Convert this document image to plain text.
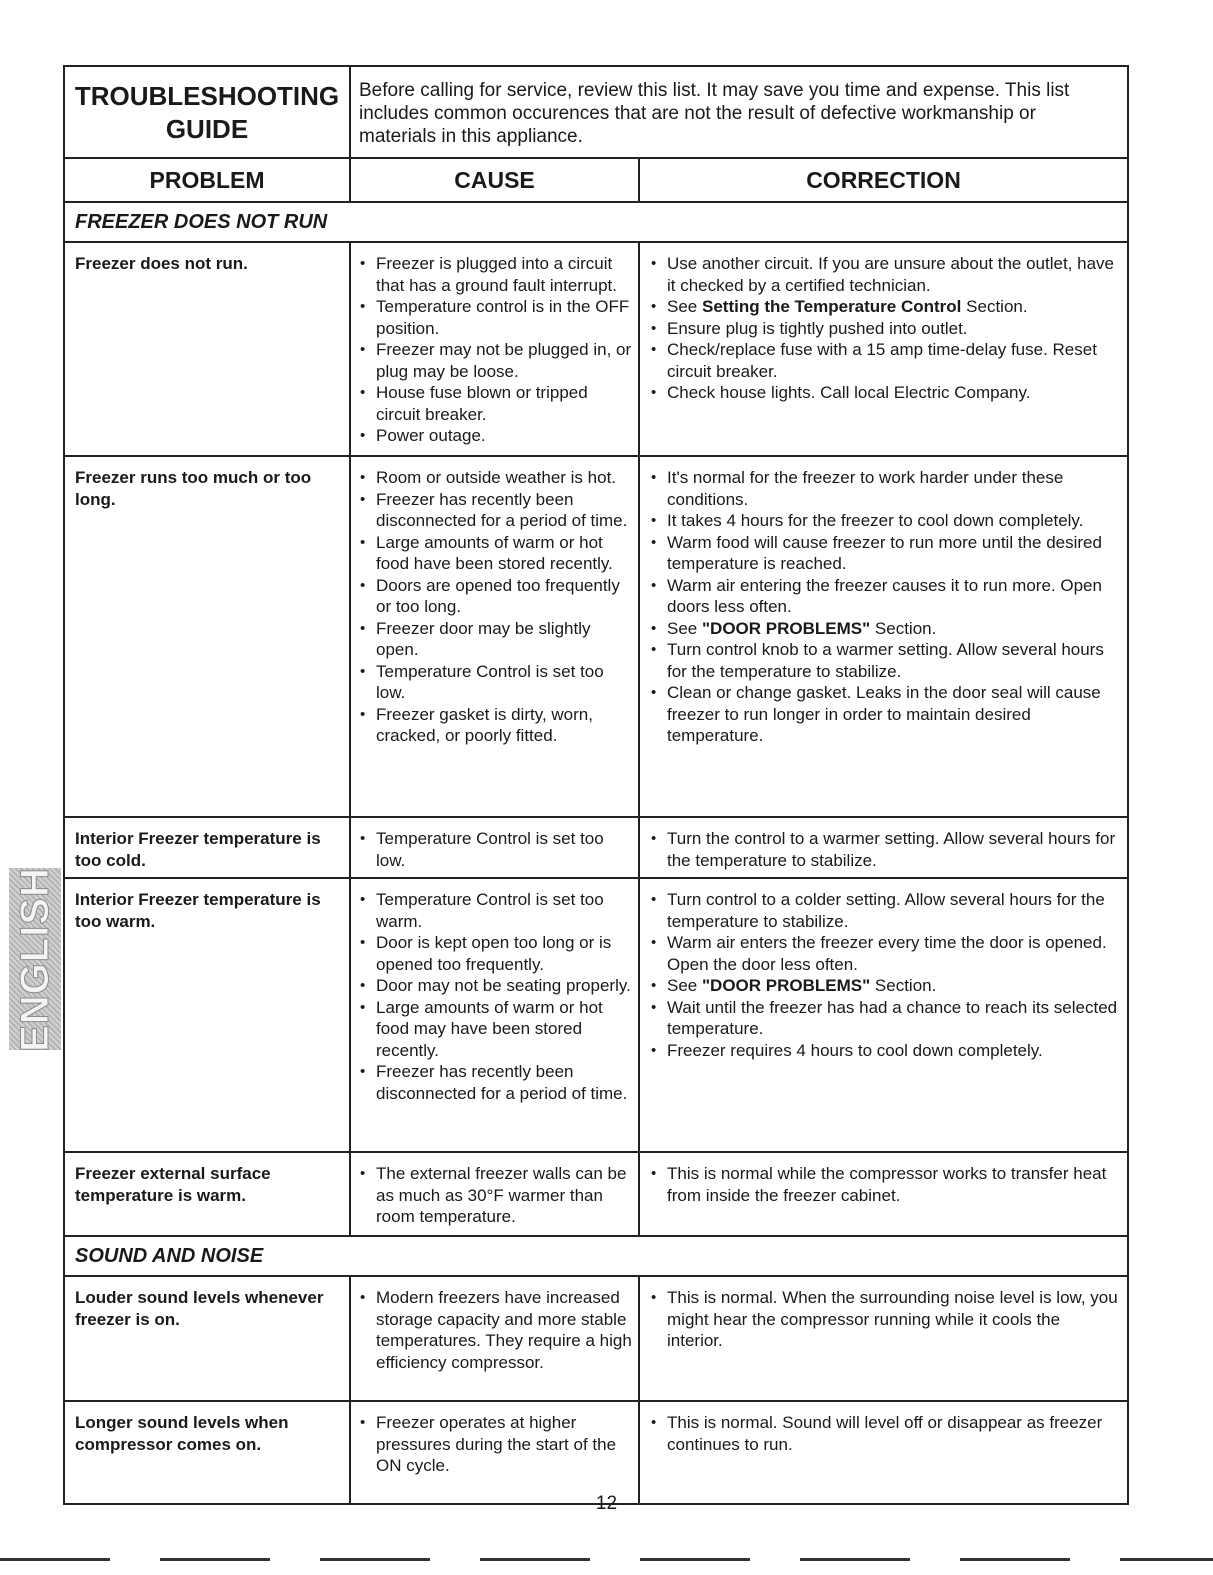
ENGLISH
TROUBLESHOOTING
GUIDE
Before calling for service, review this list. It may save you time and expense. This list includes common occurences that are not the result of defective workmanship or materials in this appliance.
PROBLEM	CAUSE	CORRECTION
FREEZER DOES NOT RUN
Freezer does not run.
•	Freezer is plugged into a circuit that has a ground fault interrupt.
• Temperature control is in the OFF position.
• Freezer may not be plugged in, or plug may be loose.
• House fuse blown or tripped circuit breaker.
• Power outage.
• Use another circuit. If you are unsure about the outlet, have it checked by a certified technician.
• See Setting the Temperature Control Section.
• Ensure plug is tightly pushed into outlet.
• Check/replace fuse with a 15 amp time-delay fuse. Reset circuit breaker.
• Check house lights. Call local Electric Company.
Freezer runs too much or too long.
• Room or outside weather is hot.
• Freezer has recently been disconnected for a period of time.
• Large amounts of warm or hot food have been stored recently.
• Doors are opened too frequently or too long.
• Freezer door may be slightly open.
• Temperature Control is set too low.
• Freezer gasket is dirty, worn, cracked, or poorly fitted.
• It's normal for the freezer to work harder under these conditions.
• It takes 4 hours for the freezer to cool down completely.
• Warm food will cause freezer to run more until the desired temperature is reached.
• Warm air entering the freezer causes it to run more. Open doors less often.
• See "DOOR PROBLEMS" Section.
• Turn control knob to a warmer setting. Allow several hours for the temperature to stabilize.
• Clean or change gasket. Leaks in the door seal will cause freezer to run longer in order to maintain desired temperature.
Interior Freezer temperature is too cold.
• Temperature Control is set too low.
• Turn the control to a warmer setting. Allow several hours for the temperature to stabilize.
Interior Freezer temperature is too warm.
• Temperature Control is set too warm.
• Door is kept open too long or is opened too frequently.
• Door may not be seating properly.
• Large amounts of warm or hot food may have been stored recently.
• Freezer has recently been disconnected for a period of time.
• Turn control to a colder setting. Allow several hours for the temperature to stabilize.
• Warm air enters the freezer every time the door is opened. Open the door less often.
• See "DOOR PROBLEMS" Section.
• Wait until the freezer has had a chance to reach its selected temperature.
• Freezer requires 4 hours to cool down completely.
Freezer external surface temperature is warm.
• The external freezer walls can be as much as 30°F warmer than room temperature.
• This is normal while the compressor works to transfer heat from inside the freezer cabinet.
SOUND AND NOISE
Louder sound levels whenever freezer is on.
• Modern freezers have increased storage capacity and more stable temperatures. They require a high efficiency compressor.
• This is normal. When the surrounding noise level is low, you might hear the compressor running while it cools the interior.
Longer sound levels when compressor comes on.
• Freezer operates at higher pressures during the start of the ON cycle.
• This is normal. Sound will level off or disappear as freezer continues to run.
12
